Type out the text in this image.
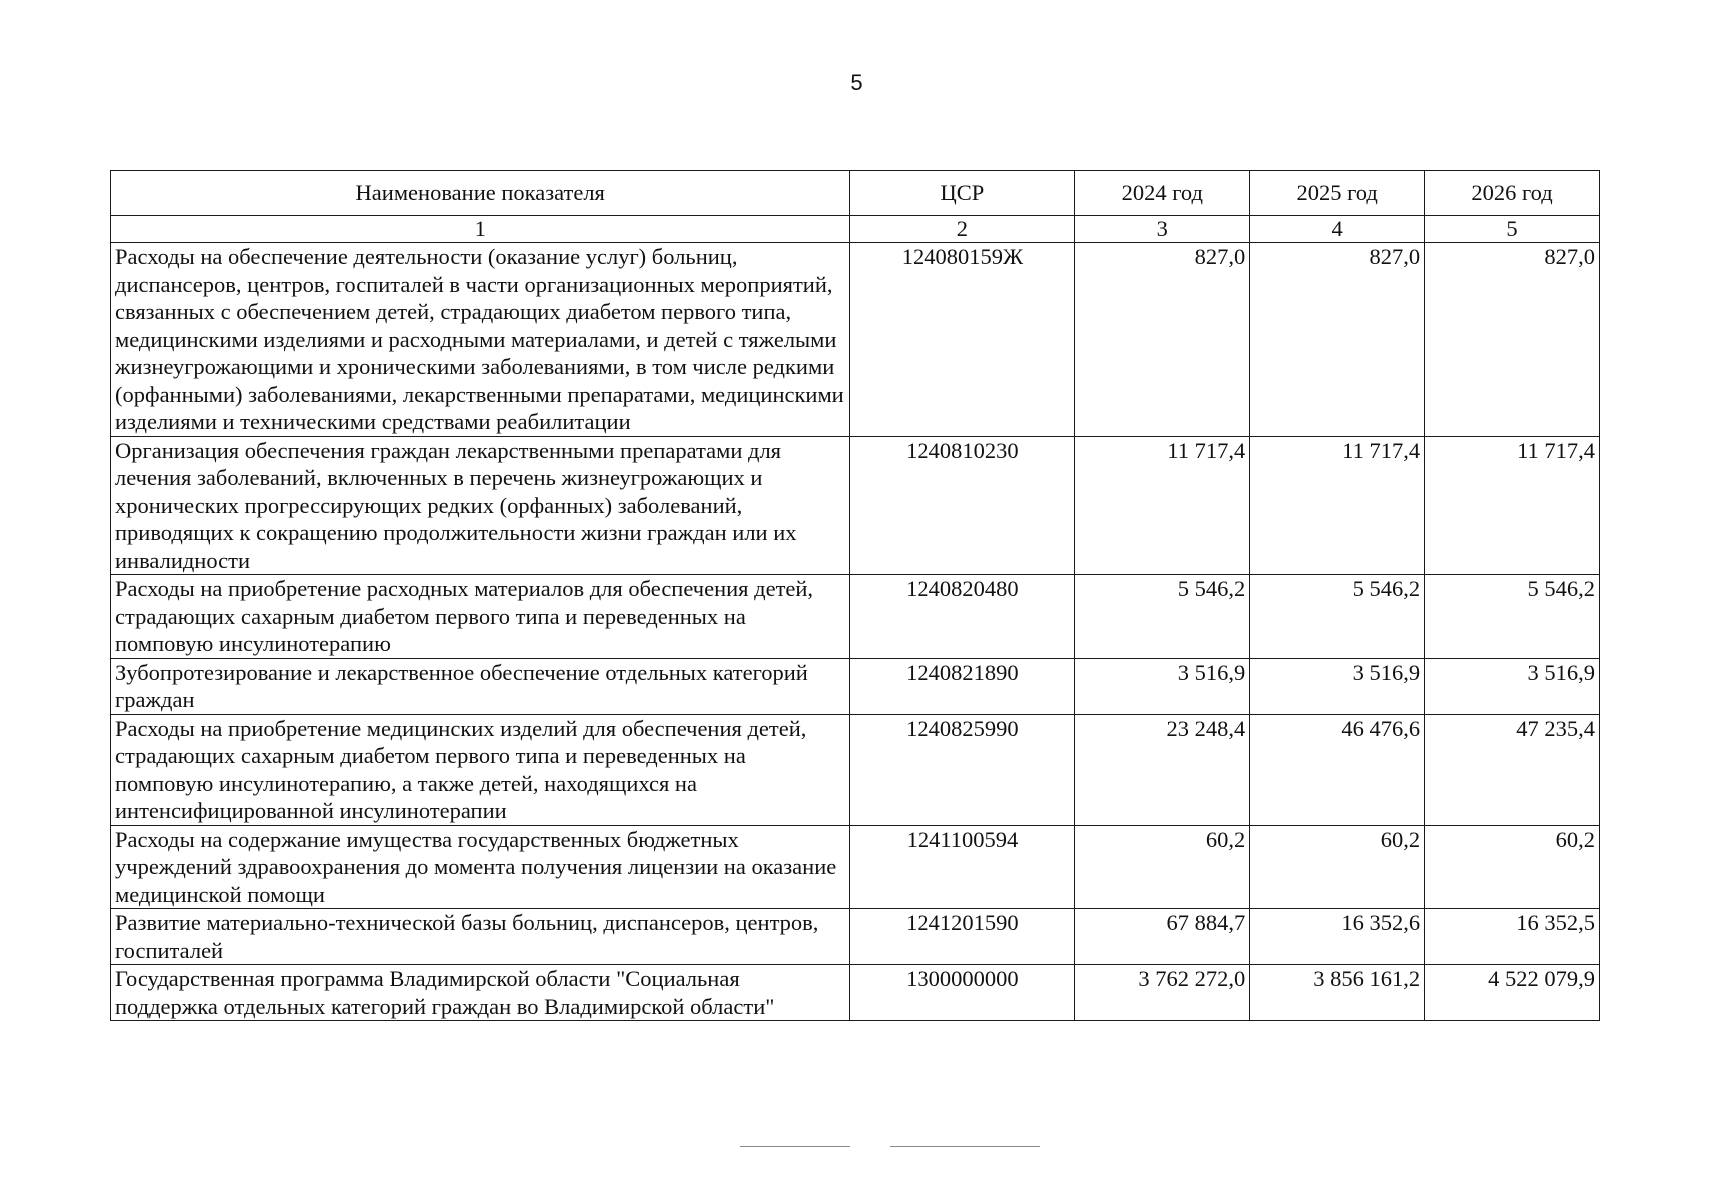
5
Наименование показателя	ЦСР	2024 год	2025 год	2026 год
1	2	3	4	5
Расходы на обеспечение деятельности (оказание услуг) больниц, диспансеров, центров, госпиталей в части организационных мероприятий, связанных с обеспечением детей, страдающих диабетом первого типа, медицинскими изделиями и расходными материалами, и детей с тяжелыми жизнеугрожающими и хроническими заболеваниями, в том числе редкими (орфанными) заболеваниями, лекарственными препаратами, медицинскими изделиями и техническими средствами реабилитации	124080159Ж	827,0	827,0	827,0
Организация обеспечения граждан лекарственными препаратами для лечения заболеваний, включенных в перечень жизнеугрожающих и хронических прогрессирующих редких (орфанных) заболеваний, приводящих к сокращению продолжительности жизни граждан или их инвалидности	1240810230	11 717,4	11 717,4	11 717,4
Расходы на приобретение расходных материалов для обеспечения детей, страдающих сахарным диабетом первого типа и переведенных на помповую инсулинотерапию	1240820480	5 546,2	5 546,2	5 546,2
Зубопротезирование и лекарственное обеспечение отдельных категорий граждан	1240821890	3 516,9	3 516,9	3 516,9
Расходы на приобретение медицинских изделий для обеспечения детей, страдающих сахарным диабетом первого типа и переведенных на помповую инсулинотерапию, а также детей, находящихся на интенсифицированной инсулинотерапии	1240825990	23 248,4	46 476,6	47 235,4
Расходы на содержание имущества государственных бюджетных учреждений здравоохранения до момента получения лицензии на оказание медицинской помощи	1241100594	60,2	60,2	60,2
Развитие материально-технической базы больниц, диспансеров, центров, госпиталей	1241201590	67 884,7	16 352,6	16 352,5
Государственная программа Владимирской области "Социальная поддержка отдельных категорий граждан во Владимирской области"	1300000000	3 762 272,0	3 856 161,2	4 522 079,9
